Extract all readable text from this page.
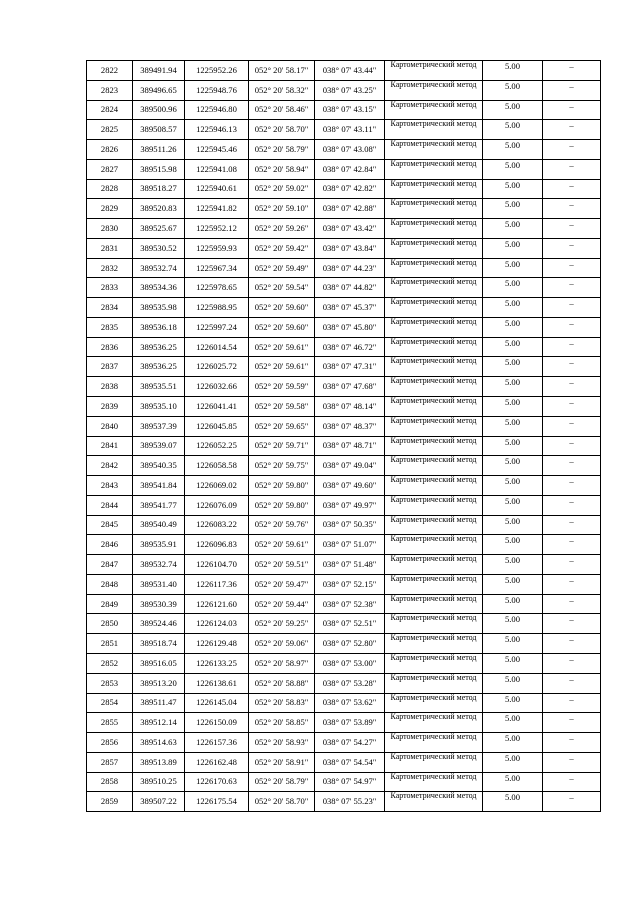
2822	389491.94	1225952.26	052° 20' 58.17"	038° 07' 43.44"	Картометрический метод	5.00	–
2823	389496.65	1225948.76	052° 20' 58.32"	038° 07' 43.25"	Картометрический метод	5.00	–
2824	389500.96	1225946.80	052° 20' 58.46"	038° 07' 43.15"	Картометрический метод	5.00	–
2825	389508.57	1225946.13	052° 20' 58.70"	038° 07' 43.11"	Картометрический метод	5.00	–
2826	389511.26	1225945.46	052° 20' 58.79"	038° 07' 43.08"	Картометрический метод	5.00	–
2827	389515.98	1225941.08	052° 20' 58.94"	038° 07' 42.84"	Картометрический метод	5.00	–
2828	389518.27	1225940.61	052° 20' 59.02"	038° 07' 42.82"	Картометрический метод	5.00	–
2829	389520.83	1225941.82	052° 20' 59.10"	038° 07' 42.88"	Картометрический метод	5.00	–
2830	389525.67	1225952.12	052° 20' 59.26"	038° 07' 43.42"	Картометрический метод	5.00	–
2831	389530.52	1225959.93	052° 20' 59.42"	038° 07' 43.84"	Картометрический метод	5.00	–
2832	389532.74	1225967.34	052° 20' 59.49"	038° 07' 44.23"	Картометрический метод	5.00	–
2833	389534.36	1225978.65	052° 20' 59.54"	038° 07' 44.82"	Картометрический метод	5.00	–
2834	389535.98	1225988.95	052° 20' 59.60"	038° 07' 45.37"	Картометрический метод	5.00	–
2835	389536.18	1225997.24	052° 20' 59.60"	038° 07' 45.80"	Картометрический метод	5.00	–
2836	389536.25	1226014.54	052° 20' 59.61"	038° 07' 46.72"	Картометрический метод	5.00	–
2837	389536.25	1226025.72	052° 20' 59.61"	038° 07' 47.31"	Картометрический метод	5.00	–
2838	389535.51	1226032.66	052° 20' 59.59"	038° 07' 47.68"	Картометрический метод	5.00	–
2839	389535.10	1226041.41	052° 20' 59.58"	038° 07' 48.14"	Картометрический метод	5.00	–
2840	389537.39	1226045.85	052° 20' 59.65"	038° 07' 48.37"	Картометрический метод	5.00	–
2841	389539.07	1226052.25	052° 20' 59.71"	038° 07' 48.71"	Картометрический метод	5.00	–
2842	389540.35	1226058.58	052° 20' 59.75"	038° 07' 49.04"	Картометрический метод	5.00	–
2843	389541.84	1226069.02	052° 20' 59.80"	038° 07' 49.60"	Картометрический метод	5.00	–
2844	389541.77	1226076.09	052° 20' 59.80"	038° 07' 49.97"	Картометрический метод	5.00	–
2845	389540.49	1226083.22	052° 20' 59.76"	038° 07' 50.35"	Картометрический метод	5.00	–
2846	389535.91	1226096.83	052° 20' 59.61"	038° 07' 51.07"	Картометрический метод	5.00	–
2847	389532.74	1226104.70	052° 20' 59.51"	038° 07' 51.48"	Картометрический метод	5.00	–
2848	389531.40	1226117.36	052° 20' 59.47"	038° 07' 52.15"	Картометрический метод	5.00	–
2849	389530.39	1226121.60	052° 20' 59.44"	038° 07' 52.38"	Картометрический метод	5.00	–
2850	389524.46	1226124.03	052° 20' 59.25"	038° 07' 52.51"	Картометрический метод	5.00	–
2851	389518.74	1226129.48	052° 20' 59.06"	038° 07' 52.80"	Картометрический метод	5.00	–
2852	389516.05	1226133.25	052° 20' 58.97"	038° 07' 53.00"	Картометрический метод	5.00	–
2853	389513.20	1226138.61	052° 20' 58.88"	038° 07' 53.28"	Картометрический метод	5.00	–
2854	389511.47	1226145.04	052° 20' 58.83"	038° 07' 53.62"	Картометрический метод	5.00	–
2855	389512.14	1226150.09	052° 20' 58.85"	038° 07' 53.89"	Картометрический метод	5.00	–
2856	389514.63	1226157.36	052° 20' 58.93"	038° 07' 54.27"	Картометрический метод	5.00	–
2857	389513.89	1226162.48	052° 20' 58.91"	038° 07' 54.54"	Картометрический метод	5.00	–
2858	389510.25	1226170.63	052° 20' 58.79"	038° 07' 54.97"	Картометрический метод	5.00	–
2859	389507.22	1226175.54	052° 20' 58.70"	038° 07' 55.23"	Картометрический метод	5.00	–
